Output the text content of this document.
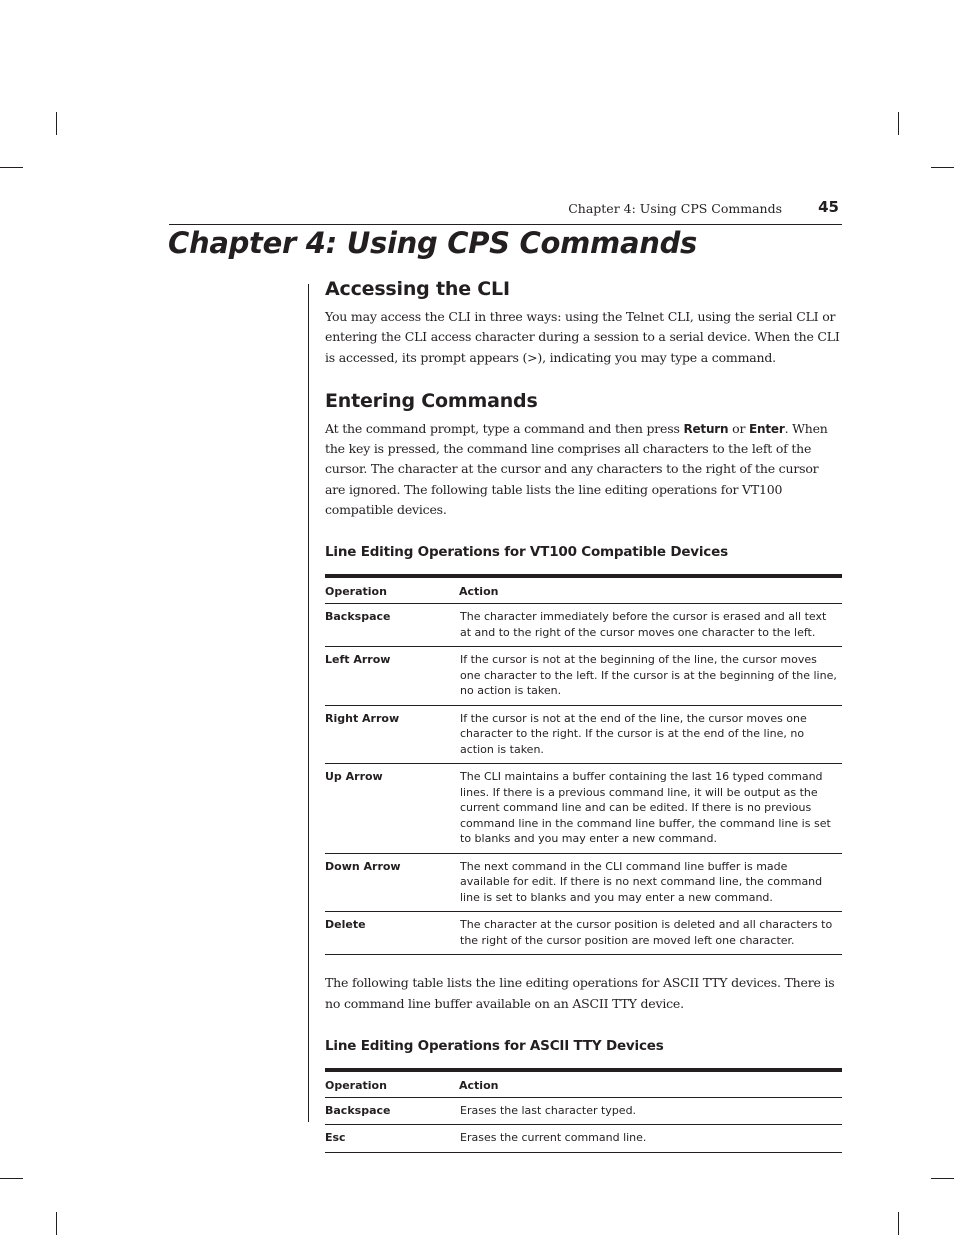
Chapter 4: Using CPS Commands 45
Chapter 4: Using CPS Commands
Accessing the CLI

You may access the CLI in three ways: using the Telnet CLI, using the serial CLI or entering the CLI access character during a session to a serial device. When the CLI is accessed, its prompt appears (>), indicating you may type a command.

Entering Commands

At the command prompt, type a command and then press Return or Enter. When the key is pressed, the command line comprises all characters to the left of the cursor. The character at the cursor and any characters to the right of the cursor are ignored. The following table lists the line editing operations for VT100 compatible devices.

Line Editing Operations for VT100 Compatible Devices
Operation	Action
Backspace	The character immediately before the cursor is erased and all text at and to the right of the cursor moves one character to the left.
Left Arrow	If the cursor is not at the beginning of the line, the cursor moves one character to the left. If the cursor is at the beginning of the line, no action is taken.
Right Arrow	If the cursor is not at the end of the line, the cursor moves one character to the right. If the cursor is at the end of the line, no action is taken.
Up Arrow	The CLI maintains a buffer containing the last 16 typed command lines. If there is a previous command line, it will be output as the current command line and can be edited. If there is no previous command line in the command line buffer, the command line is set to blanks and you may enter a new command.
Down Arrow	The next command in the CLI command line buffer is made available for edit. If there is no next command line, the command line is set to blanks and you may enter a new command.
Delete	The character at the cursor position is deleted and all characters to the right of the cursor position are moved left one character.

The following table lists the line editing operations for ASCII TTY devices. There is no command line buffer available on an ASCII TTY device.

Line Editing Operations for ASCII TTY Devices
Operation	Action
Backspace	Erases the last character typed.
Esc	Erases the current command line.
